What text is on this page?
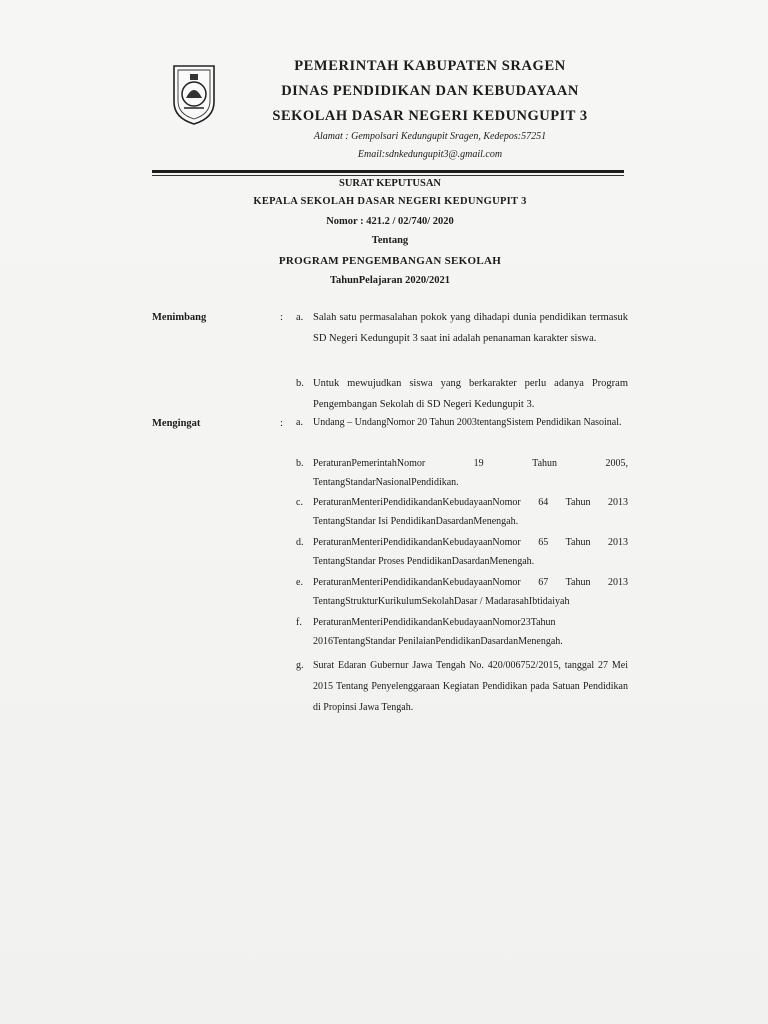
PEMERINTAH KABUPATEN SRAGEN
DINAS PENDIDIKAN DAN KEBUDAYAAN
SEKOLAH DASAR NEGERI KEDUNGUPIT 3
Alamat : Gempolsari Kedungupit Sragen, Kedepos:57251
Email:sdnkedungupit3@.gmail.com
SURAT KEPUTUSAN
KEPALA SEKOLAH DASAR NEGERI KEDUNGUPIT 3
Nomor : 421.2 / 02/740/ 2020
Tentang
PROGRAM PENGEMBANGAN SEKOLAH
TahunPelajaran 2020/2021
Menimbang	: a. Salah satu permasalahan pokok yang dihadapi dunia pendidikan termasuk SD Negeri Kedungupit 3 saat ini adalah penanaman karakter siswa.
b. Untuk mewujudkan siswa yang berkarakter perlu adanya Program Pengembangan Sekolah di SD Negeri Kedungupit 3.
Mengingat	: a.	Undang – UndangNomor 20 Tahun 2003tentangSistem Pendidikan Nasoinal.
b. PeraturanPemerintahNomor	19	Tahun	2005,
TentangStandarNasionalPendidikan.
c.	PeraturanMenteriPendidikandanKebudayaanNomor 64 Tahun 2013 TentangStandar Isi PendidikanDasardanMenengah.
d. PeraturanMenteriPendidikandanKebudayaanNomor 65 Tahun 2013 TentangStandar Proses PendidikanDasardanMenengah.
e.	PeraturanMenteriPendidikandanKebudayaanNomor 67 Tahun 2013 TentangStrukturKurikulumSekolahDasar / MadarasahIbtidaiyah
f.	PeraturanMenteriPendidikandanKebudayaanNomor23Tahun 2016TentangStandar PenilaianPendidikanDasardanMenengah.
g. Surat Edaran Gubernur Jawa Tengah No. 420/006752/2015, tanggal 27 Mei 2015 Tentang Penyelenggaraan Kegiatan Pendidikan pada Satuan Pendidikan di Propinsi Jawa Tengah.
